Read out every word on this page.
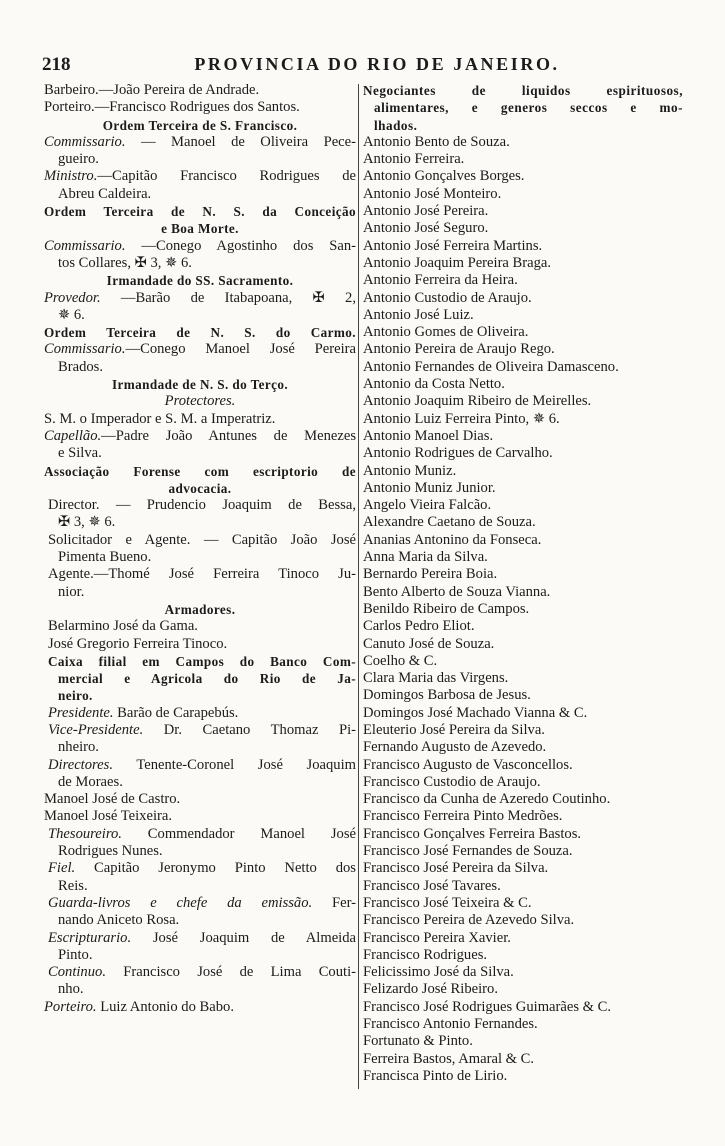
218	PROVINCIA DO RIO DE JANEIRO.
Barbeiro.—João Pereira de Andrade.
Porteiro.—Francisco Rodrigues dos Santos.
Ordem Terceira de S. Francisco.
Commissario. — Manoel de Oliveira Pece-
gueiro.
Ministro.—Capitão Francisco Rodrigues de
Abreu Caldeira.
Ordem Terceira de N. S. da Conceição
e Boa Morte.
Commissario. —Conego Agostinho dos San-
tos Collares, ✠ 3, ✵ 6.
Irmandade do SS. Sacramento.
Provedor. —Barão de Itabapoana, ✠ 2,
✵ 6.
Ordem Terceira de N. S. do Carmo.
Commissario.—Conego Manoel José Pereira
Brados.
Irmandade de N. S. do Terço.
Protectores.
S. M. o Imperador e S. M. a Imperatriz.
Capellão.—Padre João Antunes de Menezes
e Silva.
Associação Forense com escriptorio de
advocacia.
Director. — Prudencio Joaquim de Bessa,
✠ 3, ✵ 6.
Solicitador e Agente. — Capitão João José
Pimenta Bueno.
Agente.—Thomé José Ferreira Tinoco Ju-
nior.
Armadores.
Belarmino José da Gama.
José Gregorio Ferreira Tinoco.
Caixa filial em Campos do Banco Com-
mercial e Agricola do Rio de Ja-
neiro.
Presidente. Barão de Carapebús.
Vice-Presidente. Dr. Caetano Thomaz Pi-
nheiro.
Directores. Tenente-Coronel José Joaquim
de Moraes.
Manoel José de Castro.
Manoel José Teixeira.
Thesoureiro. Commendador Manoel José
Rodrigues Nunes.
Fiel. Capitão Jeronymo Pinto Netto dos
Reis.
Guarda-livros e chefe da emissão. Fer-
nando Aniceto Rosa.
Escripturario. José Joaquim de Almeida
Pinto.
Continuo. Francisco José de Lima Couti-
nho.
Porteiro. Luiz Antonio do Babo.
Negociantes de liquidos espirituosos,
alimentares, e generos seccos e mo-
lhados.
Antonio Bento de Souza.
Antonio Ferreira.
Antonio Gonçalves Borges.
Antonio José Monteiro.
Antonio José Pereira.
Antonio José Seguro.
Antonio José Ferreira Martins.
Antonio Joaquim Pereira Braga.
Antonio Ferreira da Heira.
Antonio Custodio de Araujo.
Antonio José Luiz.
Antonio Gomes de Oliveira.
Antonio Pereira de Araujo Rego.
Antonio Fernandes de Oliveira Damasceno.
Antonio da Costa Netto.
Antonio Joaquim Ribeiro de Meirelles.
Antonio Luiz Ferreira Pinto, ✵ 6.
Antonio Manoel Dias.
Antonio Rodrigues de Carvalho.
Antonio Muniz.
Antonio Muniz Junior.
Angelo Vieira Falcão.
Alexandre Caetano de Souza.
Ananias Antonino da Fonseca.
Anna Maria da Silva.
Bernardo Pereira Boia.
Bento Alberto de Souza Vianna.
Benildo Ribeiro de Campos.
Carlos Pedro Eliot.
Canuto José de Souza.
Coelho & C.
Clara Maria das Virgens.
Domingos Barbosa de Jesus.
Domingos José Machado Vianna & C.
Eleuterio José Pereira da Silva.
Fernando Augusto de Azevedo.
Francisco Augusto de Vasconcellos.
Francisco Custodio de Araujo.
Francisco da Cunha de Azeredo Coutinho.
Francisco Ferreira Pinto Medrões.
Francisco Gonçalves Ferreira Bastos.
Francisco José Fernandes de Souza.
Francisco José Pereira da Silva.
Francisco José Tavares.
Francisco José Teixeira & C.
Francisco Pereira de Azevedo Silva.
Francisco Pereira Xavier.
Francisco Rodrigues.
Felicissimo José da Silva.
Felizardo José Ribeiro.
Francisco José Rodrigues Guimarães & C.
Francisco Antonio Fernandes.
Fortunato & Pinto.
Ferreira Bastos, Amaral & C.
Francisca Pinto de Lirio.
